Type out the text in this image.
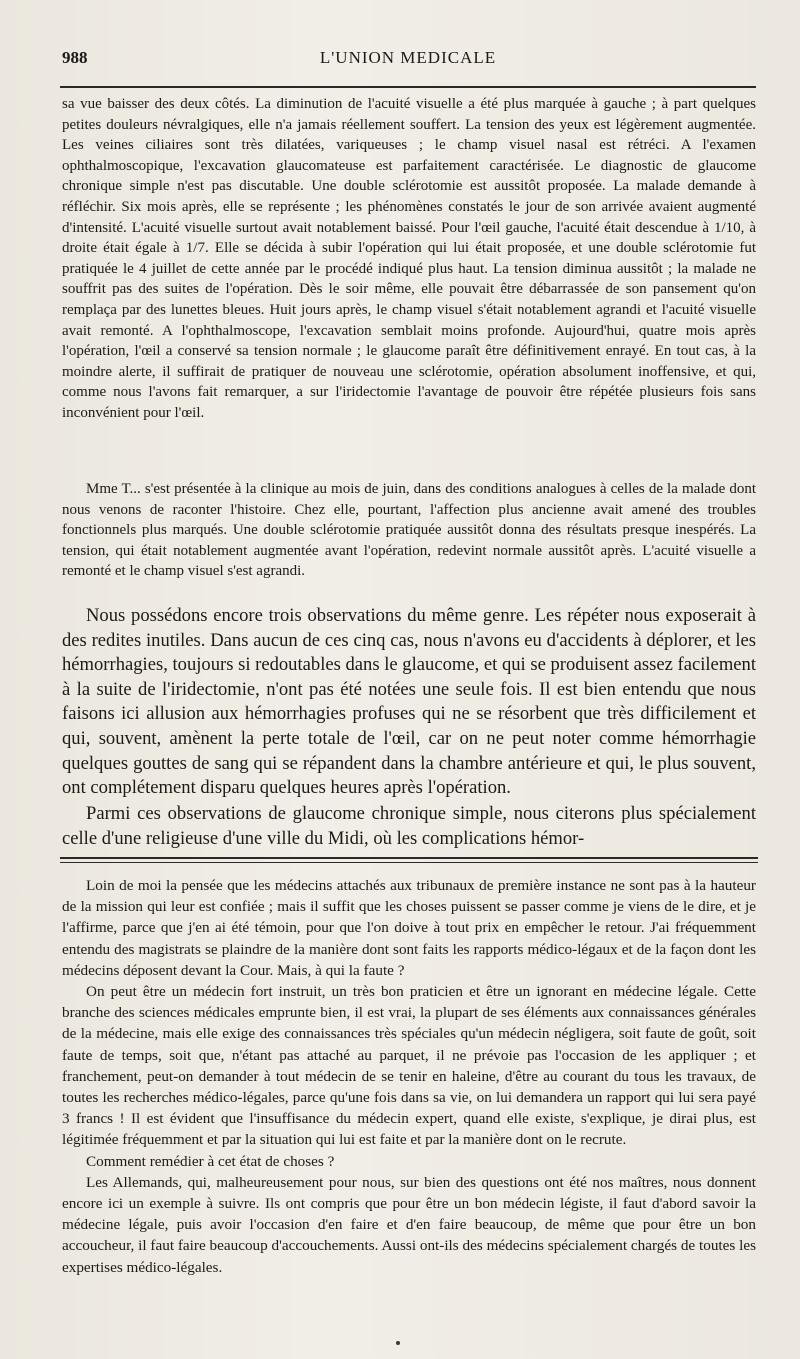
988	L'UNION MEDICALE

sa vue baisser des deux côtés. La diminution de l'acuité visuelle a été plus marquée à gauche ; à part quelques petites douleurs névralgiques, elle n'a jamais réellement souffert. La tension des yeux est légèrement augmentée. Les veines ciliaires sont très dilatées, variqueuses ; le champ visuel nasal est rétréci. A l'examen ophthalmoscopique, l'excavation glaucomateuse est parfaitement caractérisée. Le diagnostic de glaucome chronique simple n'est pas discutable. Une double sclérotomie est aussitôt proposée. La malade demande à réfléchir. Six mois après, elle se représente ; les phénomènes constatés le jour de son arrivée avaient augmenté d'intensité. L'acuité visuelle surtout avait notablement baissé. Pour l'œil gauche, l'acuité était descendue à 1/10, à droite était égale à 1/7. Elle se décida à subir l'opération qui lui était proposée, et une double sclérotomie fut pratiquée le 4 juillet de cette année par le procédé indiqué plus haut. La tension diminua aussitôt ; la malade ne souffrit pas des suites de l'opération. Dès le soir même, elle pouvait être débarrassée de son pansement qu'on remplaça par des lunettes bleues. Huit jours après, le champ visuel s'était notablement agrandi et l'acuité visuelle avait remonté. A l'ophthalmoscope, l'excavation semblait moins profonde. Aujourd'hui, quatre mois après l'opération, l'œil a conservé sa tension normale ; le glaucome paraît être définitivement enrayé. En tout cas, à la moindre alerte, il suffirait de pratiquer de nouveau une sclérotomie, opération absolument inoffensive, et qui, comme nous l'avons fait remarquer, a sur l'iridectomie l'avantage de pouvoir être répétée plusieurs fois sans inconvénient pour l'œil.

Mme T... s'est présentée à la clinique au mois de juin, dans des conditions analogues à celles de la malade dont nous venons de raconter l'histoire. Chez elle, pourtant, l'affection plus ancienne avait amené des troubles fonctionnels plus marqués. Une double sclérotomie pratiquée aussitôt donna des résultats presque inespérés. La tension, qui était notablement augmentée avant l'opération, redevint normale aussitôt après. L'acuité visuelle a remonté et le champ visuel s'est agrandi.

Nous possédons encore trois observations du même genre. Les répéter nous exposerait à des redites inutiles. Dans aucun de ces cinq cas, nous n'avons eu d'accidents à déplorer, et les hémorrhagies, toujours si redoutables dans le glaucome, et qui se produisent assez facilement à la suite de l'iridectomie, n'ont pas été notées une seule fois. Il est bien entendu que nous faisons ici allusion aux hémorrhagies profuses qui ne se résorbent que très difficilement et qui, souvent, amènent la perte totale de l'œil, car on ne peut noter comme hémorrhagie quelques gouttes de sang qui se répandent dans la chambre antérieure et qui, le plus souvent, ont complétement disparu quelques heures après l'opération.

Parmi ces observations de glaucome chronique simple, nous citerons plus spécialement celle d'une religieuse d'une ville du Midi, où les complications hémor-

Loin de moi la pensée que les médecins attachés aux tribunaux de première instance ne sont pas à la hauteur de la mission qui leur est confiée ; mais il suffit que les choses puissent se passer comme je viens de le dire, et je l'affirme, parce que j'en ai été témoin, pour que l'on doive à tout prix en empêcher le retour. J'ai fréquemment entendu des magistrats se plaindre de la manière dont sont faits les rapports médico-légaux et de la façon dont les médecins déposent devant la Cour. Mais, à qui la faute ?

On peut être un médecin fort instruit, un très bon praticien et être un ignorant en médecine légale. Cette branche des sciences médicales emprunte bien, il est vrai, la plupart de ses éléments aux connaissances générales de la médecine, mais elle exige des connaissances très spéciales qu'un médecin négligera, soit faute de goût, soit faute de temps, soit que, n'étant pas attaché au parquet, il ne prévoie pas l'occasion de les appliquer ; et franchement, peut-on demander à tout médecin de se tenir en haleine, d'être au courant du tous les travaux, de toutes les recherches médico-légales, parce qu'une fois dans sa vie, on lui demandera un rapport qui lui sera payé 3 francs ! Il est évident que l'insuffisance du médecin expert, quand elle existe, s'explique, je dirai plus, est légitimée fréquemment et par la situation qui lui est faite et par la manière dont on le recrute.

Comment remédier à cet état de choses ?

Les Allemands, qui, malheureusement pour nous, sur bien des questions ont été nos maîtres, nous donnent encore ici un exemple à suivre. Ils ont compris que pour être un bon médecin légiste, il faut d'abord savoir la médecine légale, puis avoir l'occasion d'en faire et d'en faire beaucoup, de même que pour être un bon accoucheur, il faut faire beaucoup d'accouchements. Aussi ont-ils des médecins spécialement chargés de toutes les expertises médico-légales.
